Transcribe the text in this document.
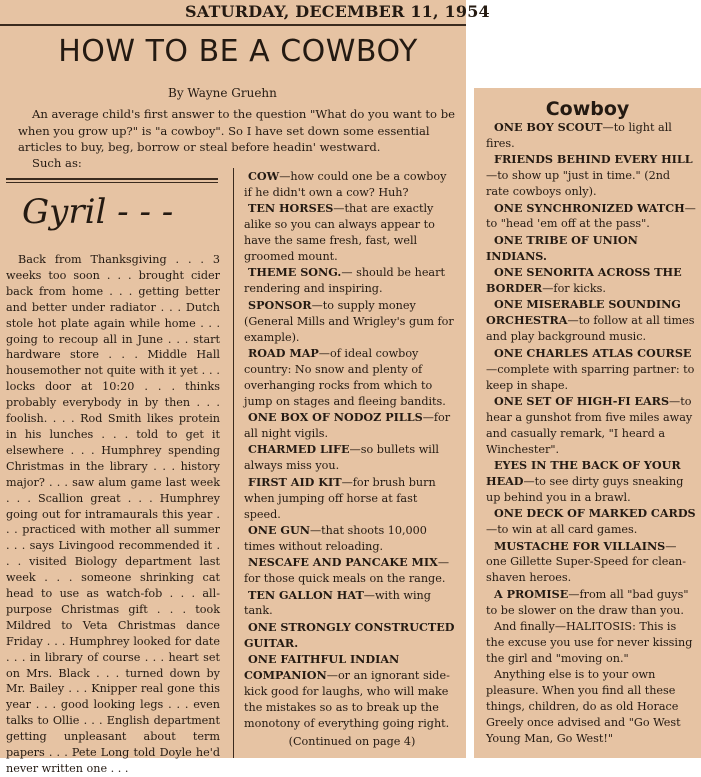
SATURDAY, DECEMBER 11, 1954
HOW TO BE A COWBOY
By Wayne Gruehn

An average child's first answer to the question "What do you want to be when you grow up?" is "a cowboy". So I have set down some essential articles to buy, beg, borrow or steal before headin' westward.

Such as:
Gyril - - -

Back from Thanksgiving . . . 3 weeks too soon . . . brought cider back from home . . . getting better and better under radiator . . . Dutch stole hot plate again while home . . . going to recoup all in June . . . start hardware store . . . Middle Hall housemother not quite with it yet . . . locks door at 10:20 . . . thinks probably everybody in by then . . . foolish. . . . Rod Smith likes protein in his lunches . . . told to get it elsewhere . . . Humphrey spending Christmas in the library . . . history major? . . . saw alum game last week . . . Scallion great . . . Humphrey going out for intramaurals this year . . . practiced with mother all summer . . . says Livingood recommended it . . . visited Biology department last week . . . someone shrinking cat head to use as watch-fob . . . all-purpose Christmas gift . . . took Mildred to Veta Christmas dance Friday . . . Humphrey looked for date . . . in library of course . . . heart set on Mrs. Black . . . turned down by Mr. Bailey . . . Knipper real gone this year . . . good looking legs . . . even talks to Ollie . . . English department getting unpleasant about term papers . . . Pete Long told Doyle he'd never written one . . .

COW—how could one be a cowboy if he didn't own a cow? Huh?

TEN HORSES—that are exactly alike so you can always appear to have the same fresh, fast, well groomed mount.

THEME SONG.— should be heart rendering and inspiring.

SPONSOR—to supply money (General Mills and Wrigley's gum for example).

ROAD MAP—of ideal cowboy country: No snow and plenty of overhanging rocks from which to jump on stages and fleeing bandits.

ONE BOX OF NODOZ PILLS—for all night vigils.

CHARMED LIFE—so bullets will always miss you.

FIRST AID KIT—for brush burn when jumping off horse at fast speed.

ONE GUN—that shoots 10,000 times without reloading.

NESCAFE AND PANCAKE MIX—for those quick meals on the range.

TEN GALLON HAT—with wing tank.

ONE STRONGLY CONSTRUCTED GUITAR.

ONE FAITHFUL INDIAN COMPANION—or an ignorant side-kick good for laughs, who will make the mistakes so as to break up the monotony of everything going right.

(Continued on page 4)

Cowboy

ONE BOY SCOUT—to light all fires.

FRIENDS BEHIND EVERY HILL—to show up "just in time." (2nd rate cowboys only).

ONE SYNCHRONIZED WATCH—to "head 'em off at the pass".

ONE TRIBE OF UNION INDIANS.

ONE SENORITA ACROSS THE BORDER—for kicks.

ONE MISERABLE SOUNDING ORCHESTRA—to follow at all times and play background music.

ONE CHARLES ATLAS COURSE—complete with sparring partner: to keep in shape.

ONE SET OF HIGH-FI EARS—to hear a gunshot from five miles away and casually remark, "I heard a Winchester".

EYES IN THE BACK OF YOUR HEAD—to see dirty guys sneaking up behind you in a brawl.

ONE DECK OF MARKED CARDS—to win at all card games.

MUSTACHE FOR VILLAINS—one Gillette Super-Speed for clean-shaven heroes.

A PROMISE—from all "bad guys" to be slower on the draw than you.

And finally—HALITOSIS: This is the excuse you use for never kissing the girl and "moving on."

Anything else is to your own pleasure. When you find all these things, children, do as old Horace Greely once advised and "Go West Young Man, Go West!"
